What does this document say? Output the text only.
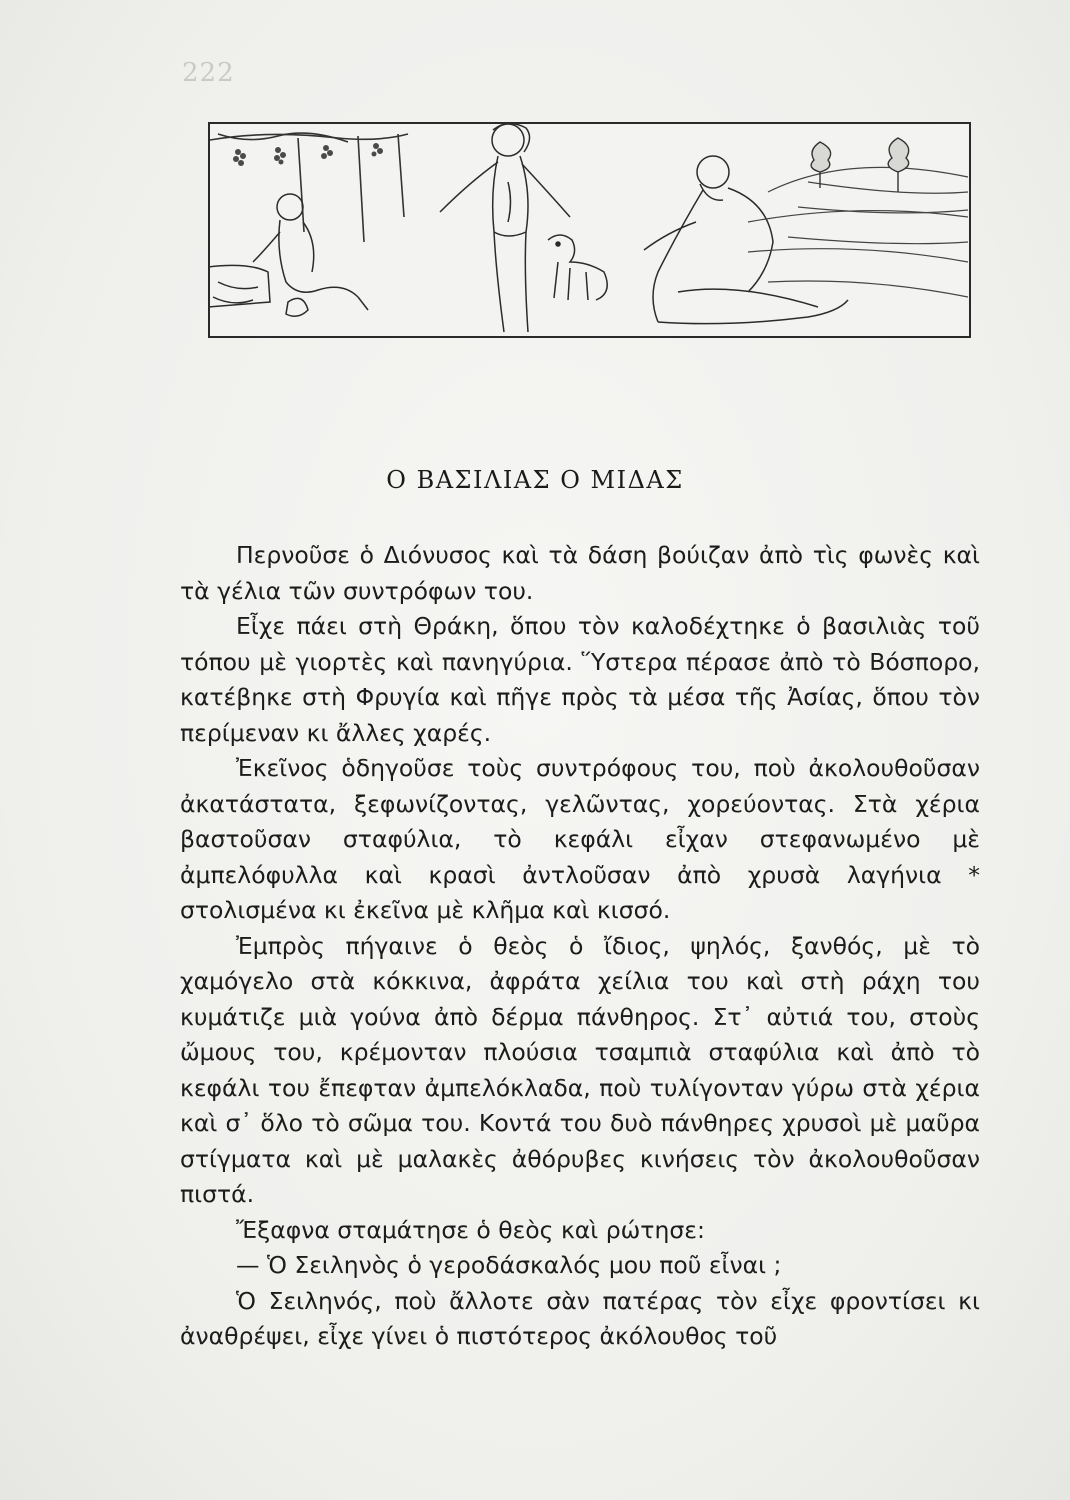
222
Ο ΒΑΣΙΛΙΑΣ Ο ΜΙΔΑΣ

Περνοῦσε ὁ Διόνυσος καὶ τὰ δάση βούιζαν ἀπὸ τὶς φωνὲς καὶ τὰ γέλια τῶν συντρόφων του.

Εἶχε πάει στὴ Θράκη, ὅπου τὸν καλοδέχτηκε ὁ βασιλιὰς τοῦ τόπου μὲ γιορτὲς καὶ πανηγύρια. Ὕστερα πέρασε ἀπὸ τὸ Βόσπορο, κατέβηκε στὴ Φρυγία καὶ πῆγε πρὸς τὰ μέσα τῆς Ἀσίας, ὅπου τὸν περίμεναν κι ἄλλες χαρές.

Ἐκεῖνος ὁδηγοῦσε τοὺς συντρόφους του, ποὺ ἀκολουθοῦσαν ἀκατάστατα, ξεφωνίζοντας, γελῶντας, χορεύοντας. Στὰ χέρια βαστοῦσαν σταφύλια, τὸ κεφάλι εἶχαν στεφανωμένο μὲ ἀμπελόφυλλα καὶ κρασὶ ἀντλοῦσαν ἀπὸ χρυσὰ λαγήνια * στολισμένα κι ἐκεῖνα μὲ κλῆμα καὶ κισσό.

Ἐμπρὸς πήγαινε ὁ θεὸς ὁ ἴδιος, ψηλός, ξανθός, μὲ τὸ χαμόγελο στὰ κόκκινα, ἀφράτα χείλια του καὶ στὴ ράχη του κυμάτιζε μιὰ γούνα ἀπὸ δέρμα πάνθηρος. Στ᾽ αὐτιά του, στοὺς ὤμους του, κρέμονταν πλούσια τσαμπιὰ σταφύλια καὶ ἀπὸ τὸ κεφάλι του ἔπεφταν ἀμπελόκλαδα, ποὺ τυλίγονταν γύρω στὰ χέρια καὶ σ᾽ ὅλο τὸ σῶμα του. Κοντά του δυὸ πάνθηρες χρυσοὶ μὲ μαῦρα στίγματα καὶ μὲ μαλακὲς ἀθόρυβες κινήσεις τὸν ἀκολουθοῦσαν πιστά.

Ἔξαφνα σταμάτησε ὁ θεὸς καὶ ρώτησε:

— Ὁ Σειληνὸς ὁ γεροδάσκαλός μου ποῦ εἶναι ;

Ὁ Σειληνός, ποὺ ἄλλοτε σὰν πατέρας τὸν εἶχε φροντίσει κι ἀναθρέψει, εἶχε γίνει ὁ πιστότερος ἀκόλουθος τοῦ
